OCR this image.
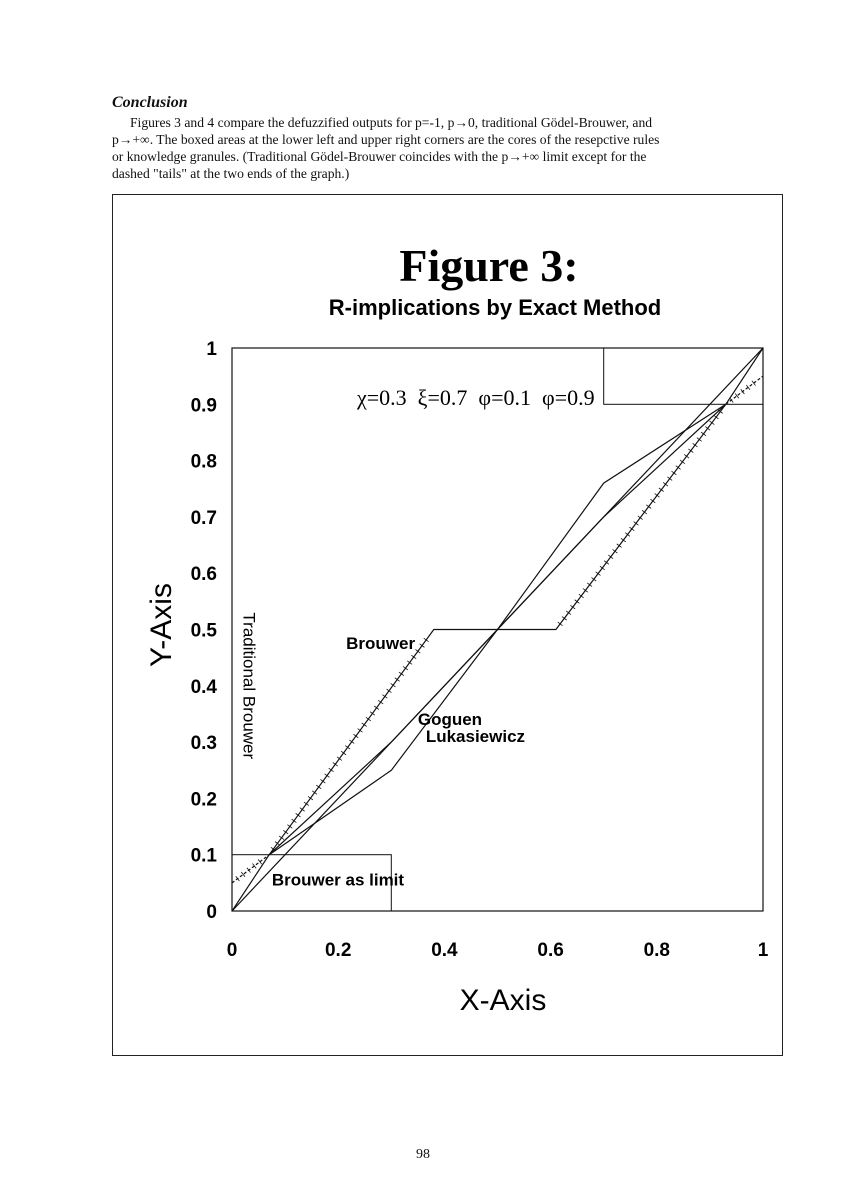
Conclusion
Figures 3 and 4 compare the defuzzified outputs for p=-1, p→0, traditional Gödel-Brouwer, and
p→+∞. The boxed areas at the lower left and upper right corners are the cores of the resepctive rules
or knowledge granules. (Traditional Gödel-Brouwer coincides with the p→+∞ limit except for the
dashed "tails" at the two ends of the graph.)
Figure 3:
R-implications by Exact Method
χ=0.3  ξ=0.7  φ=0.1  φ=0.9
X-Axis
Y-Axis
0	0.2	0.4	0.6	0.8	1
0
0.1
0.2
0.3
0.4
0.5
0.6
0.7
0.8
0.9
1
Brouwer
Goguen
Lukasiewicz
Brouwer as limit
Traditional Brouwer
98
